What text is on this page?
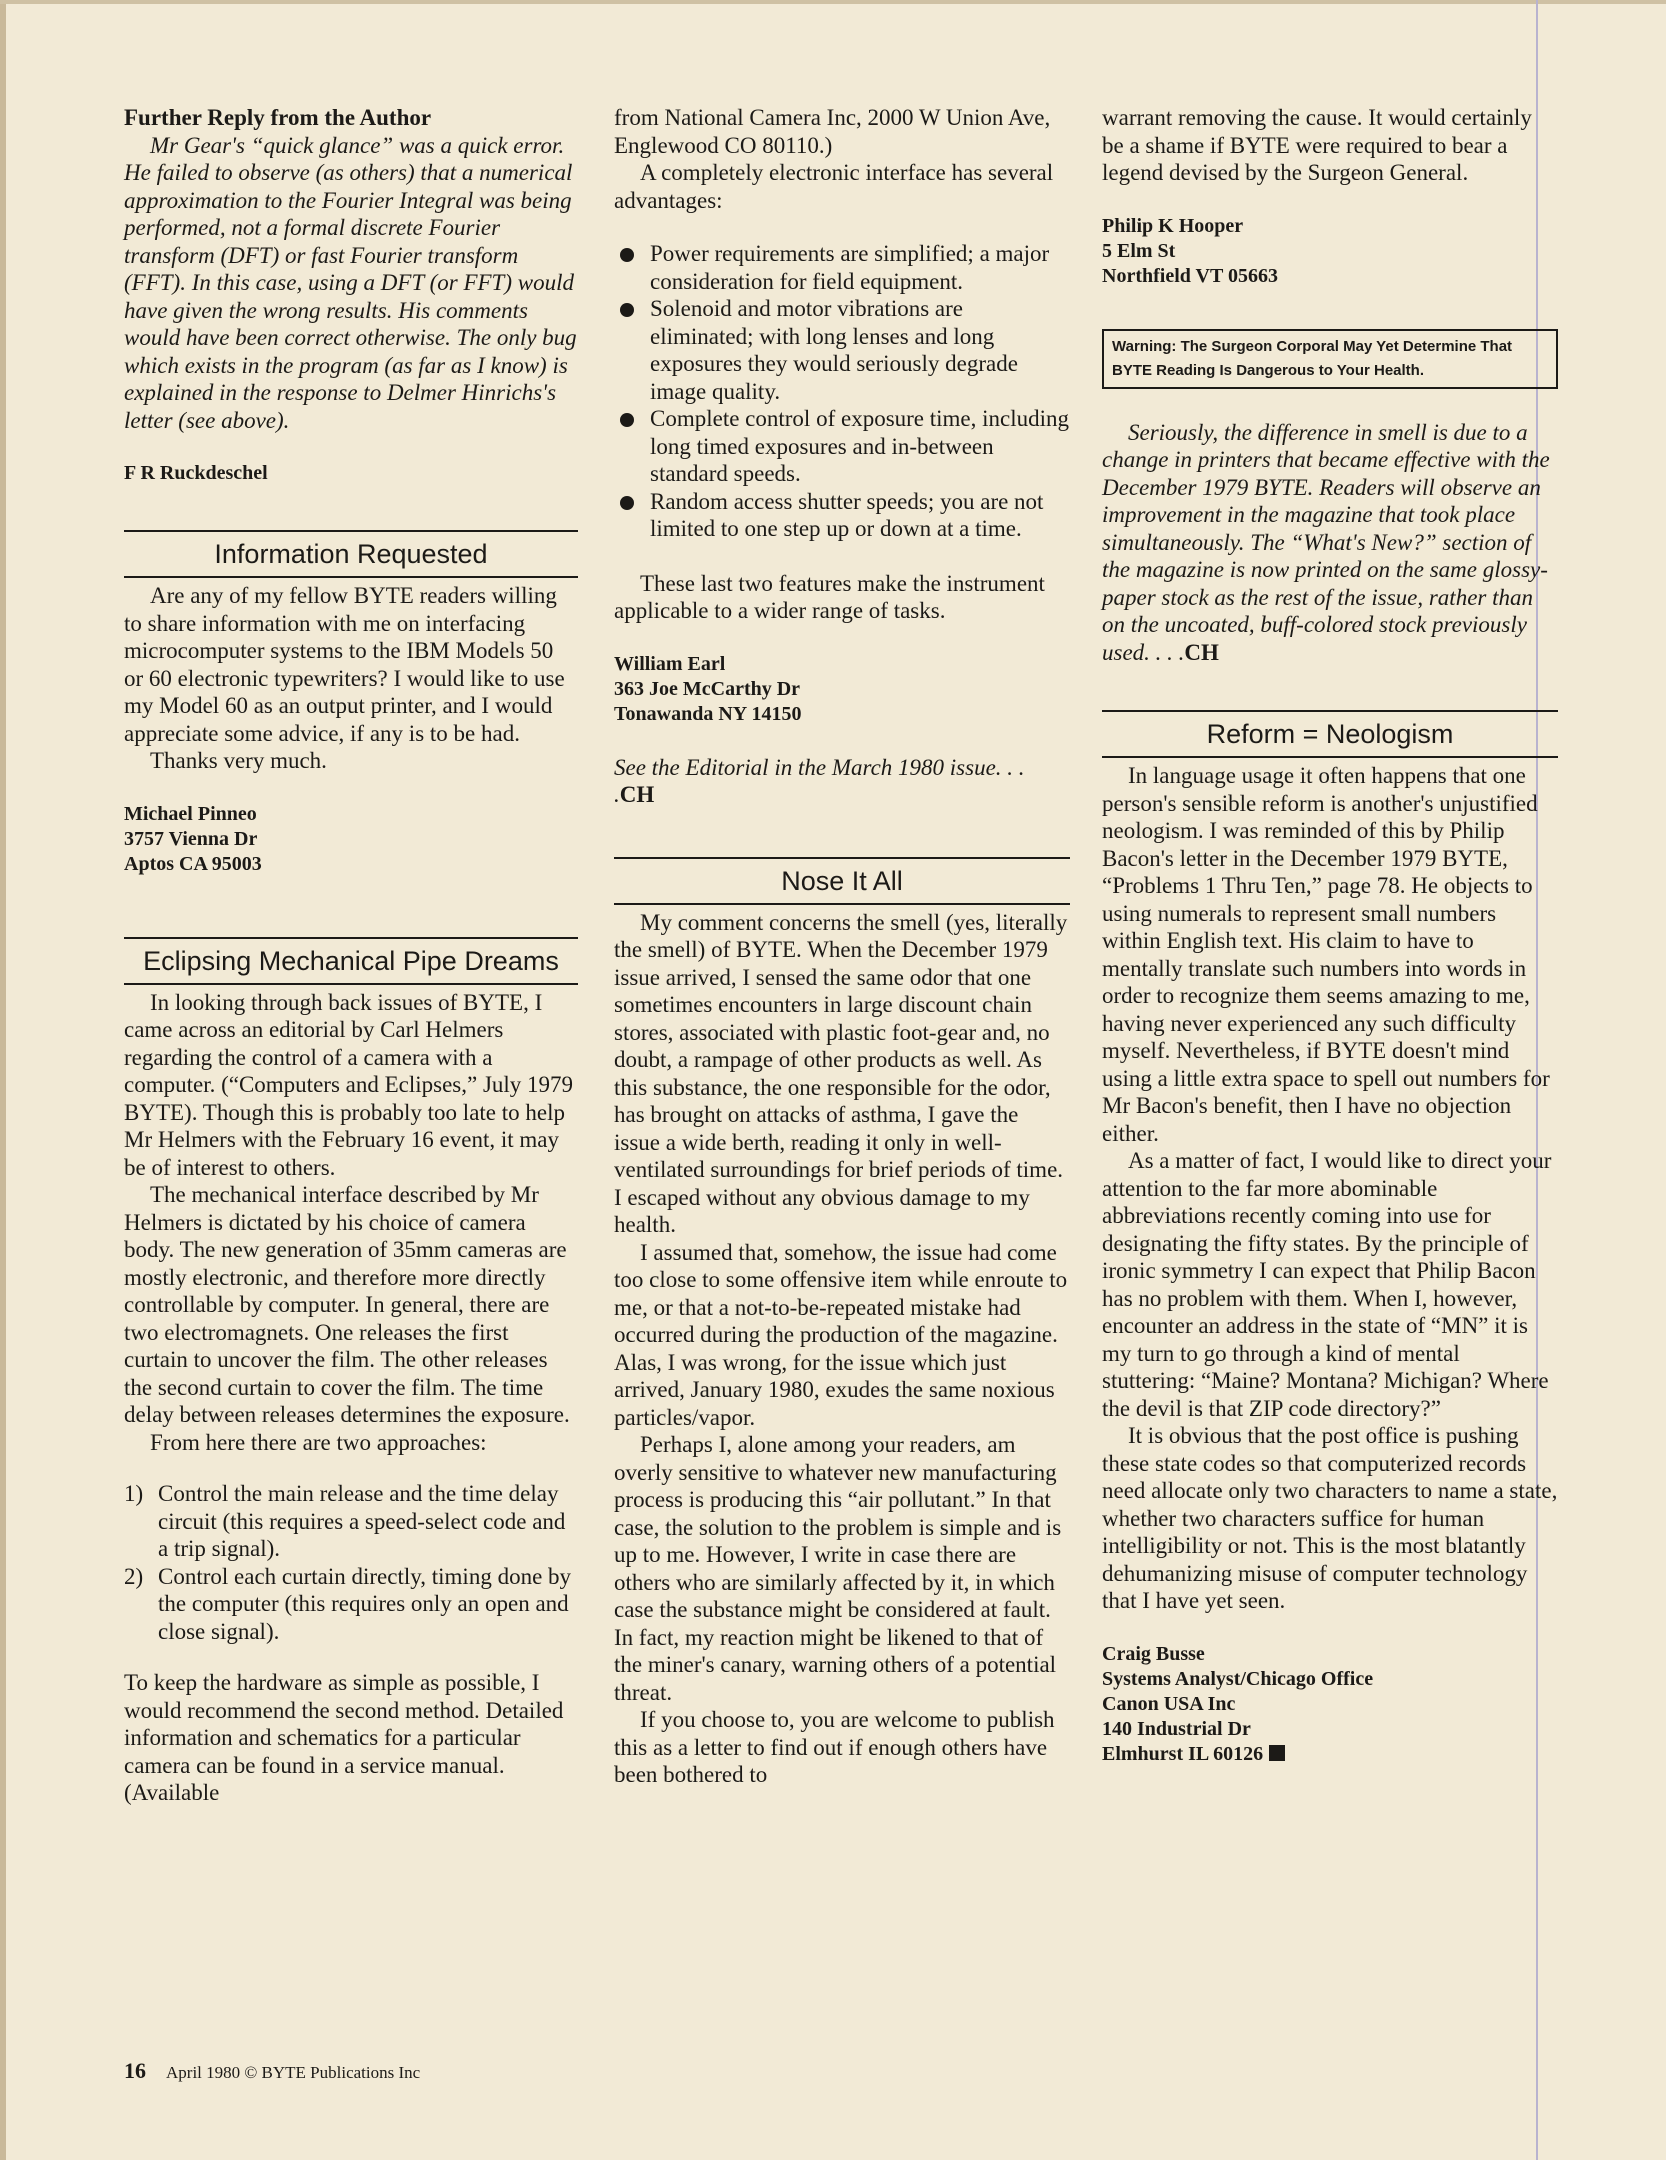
Further Reply from the Author

Mr Gear's “quick glance” was a quick error. He failed to observe (as others) that a numerical approximation to the Fourier Integral was being performed, not a formal discrete Fourier transform (DFT) or fast Fourier transform (FFT). In this case, using a DFT (or FFT) would have given the wrong results. His comments would have been correct otherwise. The only bug which exists in the program (as far as I know) is explained in the response to Delmer Hinrichs's letter (see above).

F R Ruckdeschel

Information Requested

Are any of my fellow BYTE readers willing to share information with me on interfacing microcomputer systems to the IBM Models 50 or 60 electronic typewriters? I would like to use my Model 60 as an output printer, and I would appreciate some advice, if any is to be had.

Thanks very much.

Michael Pinneo

3757 Vienna Dr

Aptos CA 95003

Eclipsing Mechanical Pipe Dreams

In looking through back issues of BYTE, I came across an editorial by Carl Helmers regarding the control of a camera with a computer. (“Computers and Eclipses,” July 1979 BYTE). Though this is probably too late to help Mr Helmers with the February 16 event, it may be of interest to others.

The mechanical interface described by Mr Helmers is dictated by his choice of camera body. The new generation of 35mm cameras are mostly electronic, and therefore more directly controllable by computer. In general, there are two electromagnets. One releases the first curtain to uncover the film. The other releases the second curtain to cover the film. The time delay between releases determines the exposure.

From here there are two approaches:

1) Control the main release and the time delay circuit (this requires a speed-select code and a trip signal).
2) Control each curtain directly, timing done by the computer (this requires only an open and close signal).

To keep the hardware as simple as possible, I would recommend the second method. Detailed information and schematics for a particular camera can be found in a service manual. (Available

from National Camera Inc, 2000 W Union Ave, Englewood CO 80110.)

A completely electronic interface has several advantages:

Power requirements are simplified; a major consideration for field equipment.
Solenoid and motor vibrations are eliminated; with long lenses and long exposures they would seriously degrade image quality.
Complete control of exposure time, including long timed exposures and in-between standard speeds.
Random access shutter speeds; you are not limited to one step up or down at a time.

These last two features make the instrument applicable to a wider range of tasks.

William Earl

363 Joe McCarthy Dr

Tonawanda NY 14150

See the Editorial in the March 1980 issue. . . .CH

Nose It All

My comment concerns the smell (yes, literally the smell) of BYTE. When the December 1979 issue arrived, I sensed the same odor that one sometimes encounters in large discount chain stores, associated with plastic foot-gear and, no doubt, a rampage of other products as well. As this substance, the one responsible for the odor, has brought on attacks of asthma, I gave the issue a wide berth, reading it only in well-ventilated surroundings for brief periods of time. I escaped without any obvious damage to my health.

I assumed that, somehow, the issue had come too close to some offensive item while enroute to me, or that a not-to-be-repeated mistake had occurred during the production of the magazine. Alas, I was wrong, for the issue which just arrived, January 1980, exudes the same noxious particles/vapor.

Perhaps I, alone among your readers, am overly sensitive to whatever new manufacturing process is producing this “air pollutant.” In that case, the solution to the problem is simple and is up to me. However, I write in case there are others who are similarly affected by it, in which case the substance might be considered at fault. In fact, my reaction might be likened to that of the miner's canary, warning others of a potential threat.

If you choose to, you are welcome to publish this as a letter to find out if enough others have been bothered to

warrant removing the cause. It would certainly be a shame if BYTE were required to bear a legend devised by the Surgeon General.

Philip K Hooper

5 Elm St

Northfield VT 05663

Warning: The Surgeon Corporal May Yet Determine That BYTE Reading Is Dangerous to Your Health.

Seriously, the difference in smell is due to a change in printers that became effective with the December 1979 BYTE. Readers will observe an improvement in the magazine that took place simultaneously. The “What's New?” section of the magazine is now printed on the same glossy-paper stock as the rest of the issue, rather than on the uncoated, buff-colored stock previously used. . . .CH

Reform = Neologism

In language usage it often happens that one person's sensible reform is another's unjustified neologism. I was reminded of this by Philip Bacon's letter in the December 1979 BYTE, “Problems 1 Thru Ten,” page 78. He objects to using numerals to represent small numbers within English text. His claim to have to mentally translate such numbers into words in order to recognize them seems amazing to me, having never experienced any such difficulty myself. Nevertheless, if BYTE doesn't mind using a little extra space to spell out numbers for Mr Bacon's benefit, then I have no objection either.

As a matter of fact, I would like to direct your attention to the far more abominable abbreviations recently coming into use for designating the fifty states. By the principle of ironic symmetry I can expect that Philip Bacon has no problem with them. When I, however, encounter an address in the state of “MN” it is my turn to go through a kind of mental stuttering: “Maine? Montana? Michigan? Where the devil is that ZIP code directory?”

It is obvious that the post office is pushing these state codes so that computerized records need allocate only two characters to name a state, whether two characters suffice for human intelligibility or not. This is the most blatantly dehumanizing misuse of computer technology that I have yet seen.

Craig Busse

Systems Analyst/Chicago Office

Canon USA Inc

140 Industrial Dr

Elmhurst IL 60126

16 April 1980 © BYTE Publications Inc
